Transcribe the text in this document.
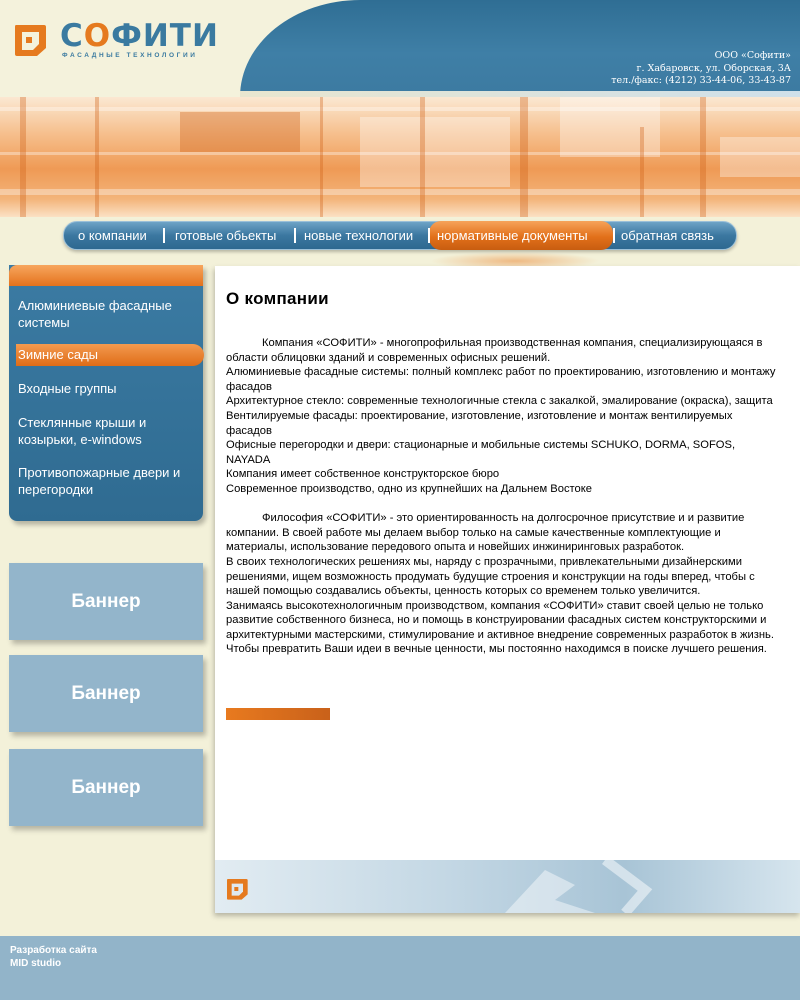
СОФИТИ
ФАСАДНЫЕ ТЕХНОЛОГИИ	ООО «Софити»
г. Хабаровск, ул. Оборская, 3А
тел./факс: (4212) 33-44-06, 33-43-87
о компании готовые обьекты новые технологии нормативные документы	обратная связь
Алюминиевые фасадные системы
Зимние сады
Входные группы
Стеклянные крыши и козырьки, e-windows
Противопожарные двери и перегородки
Баннер
Баннер
Баннер
О компании

Компания «СОФИТИ» - многопрофильная производственная компания, специализирующаяся в области облицовки зданий и современных офисных решений.
Алюминиевые фасадные системы: полный комплекс работ по проектированию, изготовлению и монтажу фасадов
Архитектурное стекло: современные технологичные стекла с закалкой, эмалирование (окраска), защита
Вентилируемые фасады: проектирование, изготовление, изготовление и монтаж вентилируемых фасадов
Офисные перегородки и двери: стационарные и мобильные системы SCHUKO, DORMA, SOFOS, NAYADA
Компания имеет собственное конструкторское бюро
Современное производство, одно из крупнейших на Дальнем Востоке

Философия «СОФИТИ» - это ориентированность на долгосрочное присутствие и и развитие компании. В своей работе мы делаем выбор только на самые качественные комплектующие и материалы, использование передового опыта и новейших инжиниринговых разработок.
В своих технологических решениях мы, наряду с прозрачными, привлекательными дизайнерскими решениями, ищем возможность продумать будущие строения и конструкции на годы вперед, чтобы с нашей помощью создавались объекты, ценность которых со временем только увеличится.
Занимаясь высокотехнологичным производством, компания «СОФИТИ» ставит своей целью не только развитие собственного бизнеса, но и помощь в конструировании фасадных систем конструкторскими и архитектурными мастерскими, стимулирование и активное внедрение современных разработок в жизнь.
Чтобы превратить Ваши идеи в вечные ценности, мы постоянно находимся в поиске лучшего решения.

Разработка сайта
MID studio
